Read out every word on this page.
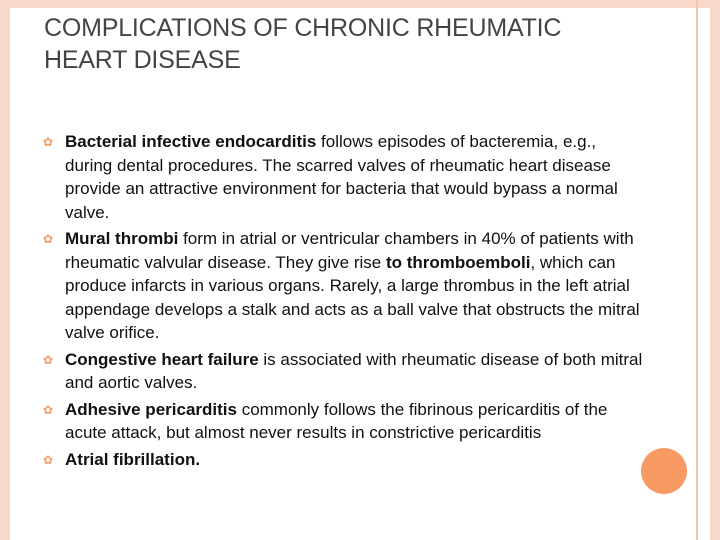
COMPLICATIONS OF CHRONIC RHEUMATIC
HEART DISEASE
✿ Bacterial infective endocarditis follows episodes of bacteremia, e.g., during dental procedures. The scarred valves of rheumatic heart disease provide an attractive environment for bacteria that would bypass a normal valve.
✿ Mural thrombi form in atrial or ventricular chambers in 40% of patients with rheumatic valvular disease. They give rise to thromboemboli, which can produce infarcts in various organs. Rarely, a large thrombus in the left atrial appendage develops a stalk and acts as a ball valve that obstructs the mitral valve orifice.
✿ Congestive heart failure is associated with rheumatic disease of both mitral and aortic valves.
✿ Adhesive pericarditis commonly follows the fibrinous pericarditis of the acute attack, but almost never results in constrictive pericarditis
✿ Atrial fibrillation.
